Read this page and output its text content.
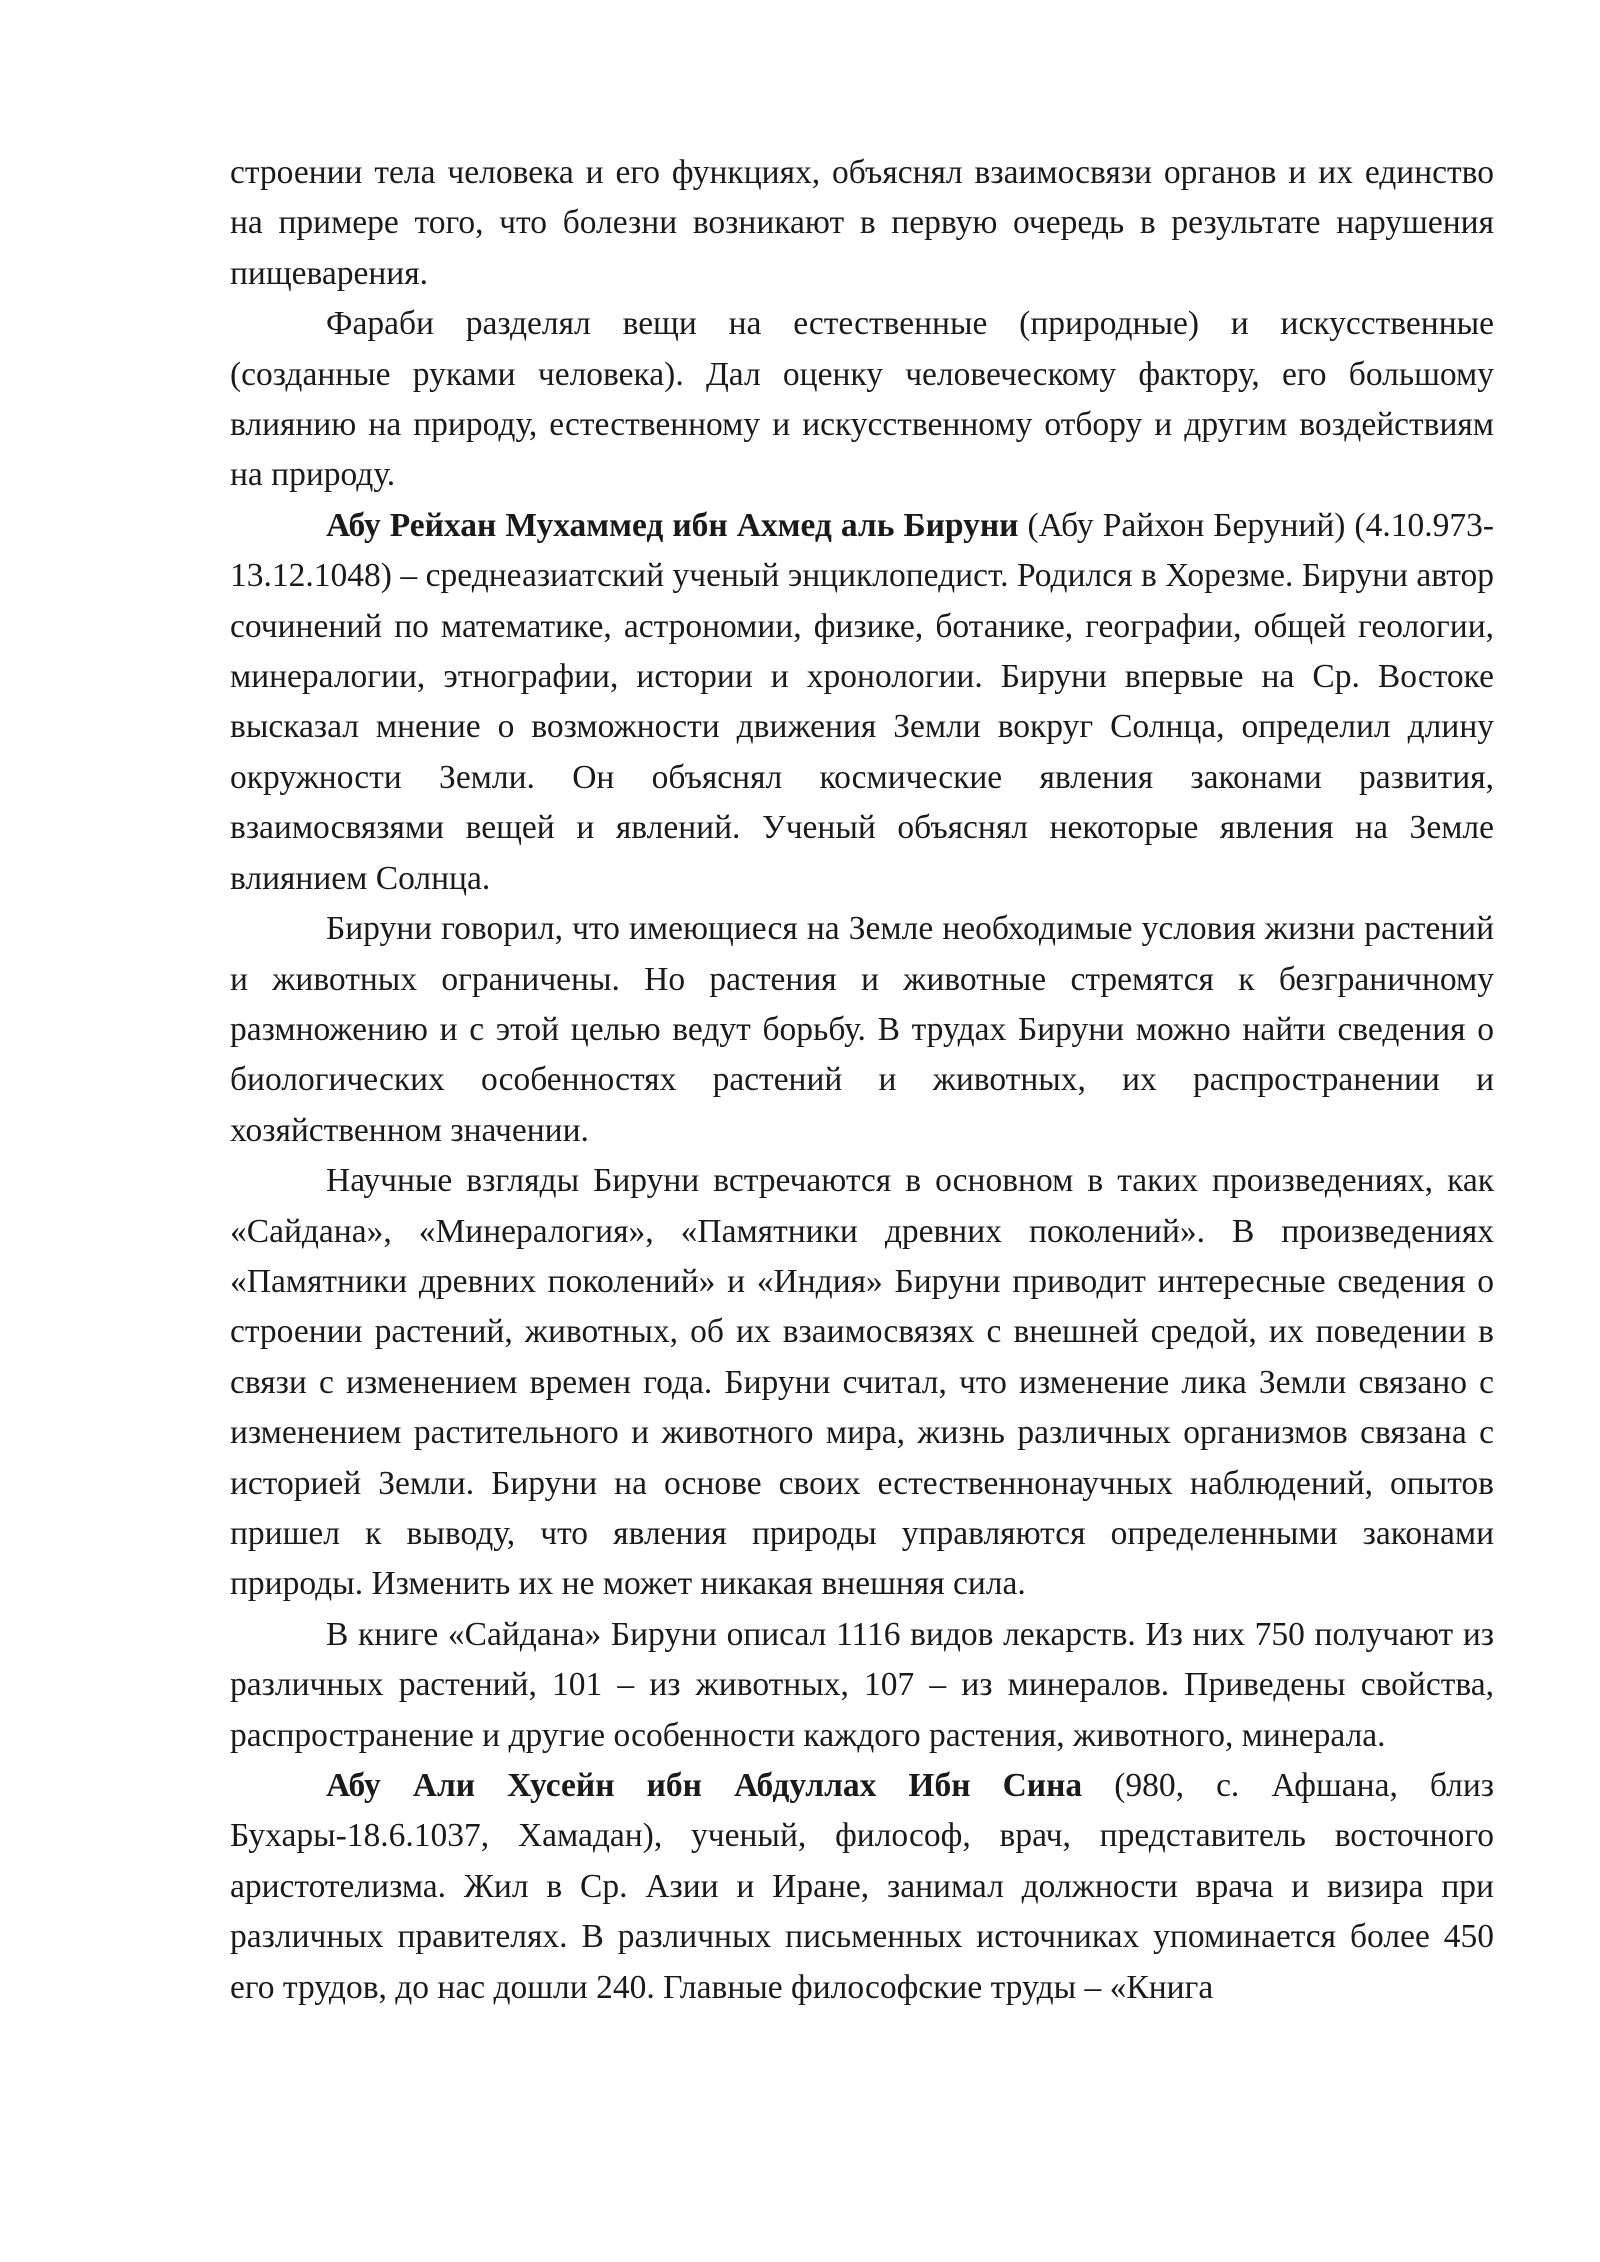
строении тела человека и его функциях, объяснял взаимосвязи органов и их единство на примере того, что болезни возникают в первую очередь в результате нарушения пищеварения.

Фараби разделял вещи на естественные (природные) и искусственные (созданные руками человека). Дал оценку человеческому фактору, его большому влиянию на природу, естественному и искусственному отбору и другим воздействиям на природу.

Абу Рейхан Мухаммед ибн Ахмед аль Бируни (Абу Райхон Беруний) (4.10.973-13.12.1048) – среднеазиатский ученый энциклопедист. Родился в Хорезме. Бируни автор сочинений по математике, астрономии, физике, ботанике, географии, общей геологии, минералогии, этнографии, истории и хронологии. Бируни впервые на Ср. Востоке высказал мнение о возможности движения Земли вокруг Солнца, определил длину окружности Земли. Он объяснял космические явления законами развития, взаимосвязями вещей и явлений. Ученый объяснял некоторые явления на Земле влиянием Солнца.

Бируни говорил, что имеющиеся на Земле необходимые условия жизни растений и животных ограничены. Но растения и животные стремятся к безграничному размножению и с этой целью ведут борьбу. В трудах Бируни можно найти сведения о биологических особенностях растений и животных, их распространении и хозяйственном значении.

Научные взгляды Бируни встречаются в основном в таких произведениях, как «Сайдана», «Минералогия», «Памятники древних поколений». В произведениях «Памятники древних поколений» и «Индия» Бируни приводит интересные сведения о строении растений, животных, об их взаимосвязях с внешней средой, их поведении в связи с изменением времен года. Бируни считал, что изменение лика Земли связано с изменением растительного и животного мира, жизнь различных организмов связана с историей Земли. Бируни на основе своих естественнонаучных наблюдений, опытов пришел к выводу, что явления природы управляются определенными законами природы. Изменить их не может никакая внешняя сила.

В книге «Сайдана» Бируни описал 1116 видов лекарств. Из них 750 получают из различных растений, 101 – из животных, 107 – из минералов. Приведены свойства, распространение и другие особенности каждого растения, животного, минерала.

Абу Али Хусейн ибн Абдуллах Ибн Сина (980, с. Афшана, близ Бухары-18.6.1037, Хамадан), ученый, философ, врач, представитель восточного аристотелизма. Жил в Ср. Азии и Иране, занимал должности врача и визира при различных правителях. В различных письменных источниках упоминается более 450 его трудов, до нас дошли 240. Главные философские труды – «Книга
